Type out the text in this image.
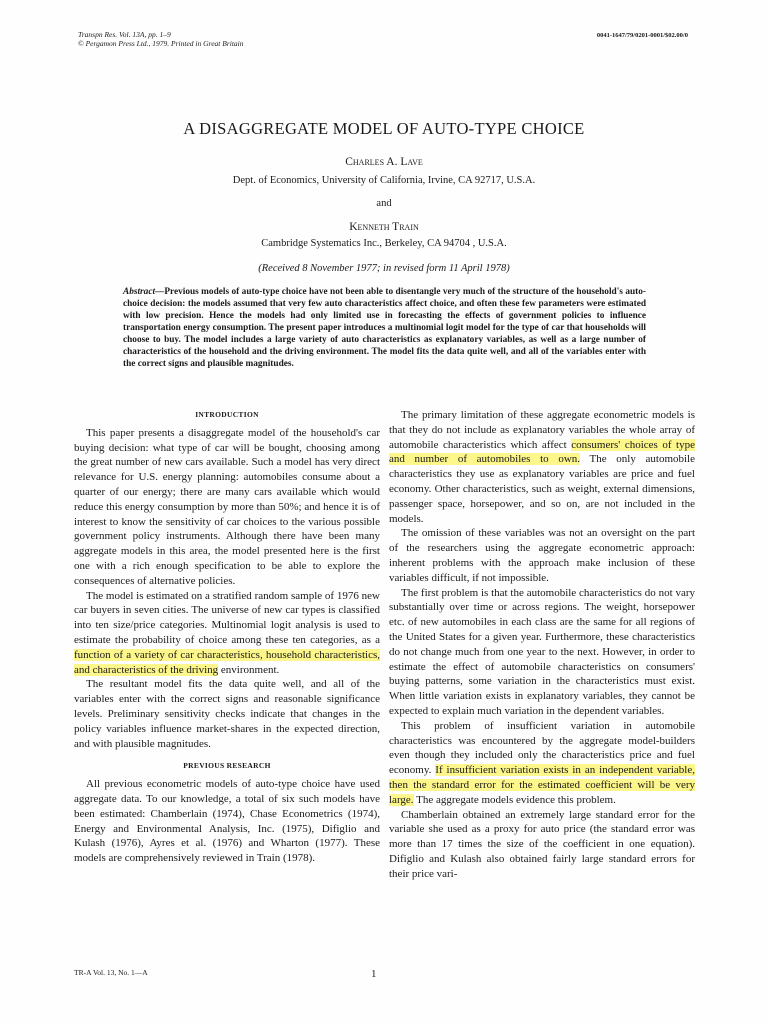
Transpn Res. Vol. 13A, pp. 1–9
© Pergamon Press Ltd., 1979. Printed in Great Britain
0041-1647/79/0201-0001/$02.00/0
A DISAGGREGATE MODEL OF AUTO-TYPE CHOICE
Charles A. Lave
Dept. of Economics, University of California, Irvine, CA 92717, U.S.A.
and
Kenneth Train
Cambridge Systematics Inc., Berkeley, CA 94704 , U.S.A.
(Received 8 November 1977; in revised form 11 April 1978)
Abstract—Previous models of auto-type choice have not been able to disentangle very much of the structure of the household's auto-choice decision: the models assumed that very few auto characteristics affect choice, and often these few parameters were estimated with low precision. Hence the models had only limited use in forecasting the effects of government policies to influence transportation energy consumption. The present paper introduces a multinomial logit model for the type of car that households will choose to buy. The model includes a large variety of auto characteristics as explanatory variables, as well as a large number of characteristics of the household and the driving environment. The model fits the data quite well, and all of the variables enter with the correct signs and plausible magnitudes.
INTRODUCTION

This paper presents a disaggregate model of the household's car buying decision: what type of car will be bought, choosing among the great number of new cars available. Such a model has very direct relevance for U.S. energy planning: automobiles consume about a quarter of our energy; there are many cars available which would reduce this energy consumption by more than 50%; and hence it is of interest to know the sensitivity of car choices to the various possible government policy instruments. Although there have been many aggregate models in this area, the model presented here is the first one with a rich enough specification to be able to explore the consequences of alternative policies.

The model is estimated on a stratified random sample of 1976 new car buyers in seven cities. The universe of new car types is classified into ten size/price categories. Multinomial logit analysis is used to estimate the probability of choice among these ten categories, as a function of a variety of car characteristics, household characteristics, and characteristics of the driving environment.

The resultant model fits the data quite well, and all of the variables enter with the correct signs and reasonable significance levels. Preliminary sensitivity checks indicate that changes in the policy variables influence market-shares in the expected direction, and with plausible magnitudes.

PREVIOUS RESEARCH

All previous econometric models of auto-type choice have used aggregate data. To our knowledge, a total of six such models have been estimated: Chamberlain (1974), Chase Econometrics (1974), Energy and Environmental Analysis, Inc. (1975), Difiglio and Kulash (1976), Ayres et al. (1976) and Wharton (1977). These models are comprehensively reviewed in Train (1978).

The primary limitation of these aggregate econometric models is that they do not include as explanatory variables the whole array of automobile characteristics which affect consumers' choices of type and number of automobiles to own. The only automobile characteristics they use as explanatory variables are price and fuel economy. Other characteristics, such as weight, external dimensions, passenger space, horsepower, and so on, are not included in the models.

The omission of these variables was not an oversight on the part of the researchers using the aggregate econometric approach: inherent problems with the approach make inclusion of these variables difficult, if not impossible.

The first problem is that the automobile characteristics do not vary substantially over time or across regions. The weight, horsepower etc. of new automobiles in each class are the same for all regions of the United States for a given year. Furthermore, these characteristics do not change much from one year to the next. However, in order to estimate the effect of automobile characteristics on consumers' buying patterns, some variation in the characteristics must exist. When little variation exists in explanatory variables, they cannot be expected to explain much variation in the dependent variables.

This problem of insufficient variation in automobile characteristics was encountered by the aggregate model-builders even though they included only the characteristics price and fuel economy. If insufficient variation exists in an independent variable, then the standard error for the estimated coefficient will be very large. The aggregate models evidence this problem.

Chamberlain obtained an extremely large standard error for the variable she used as a proxy for auto price (the standard error was more than 17 times the size of the coefficient in one equation). Difiglio and Kulash also obtained fairly large standard errors for their price vari-

TR-A Vol. 13, No. 1—A	1
